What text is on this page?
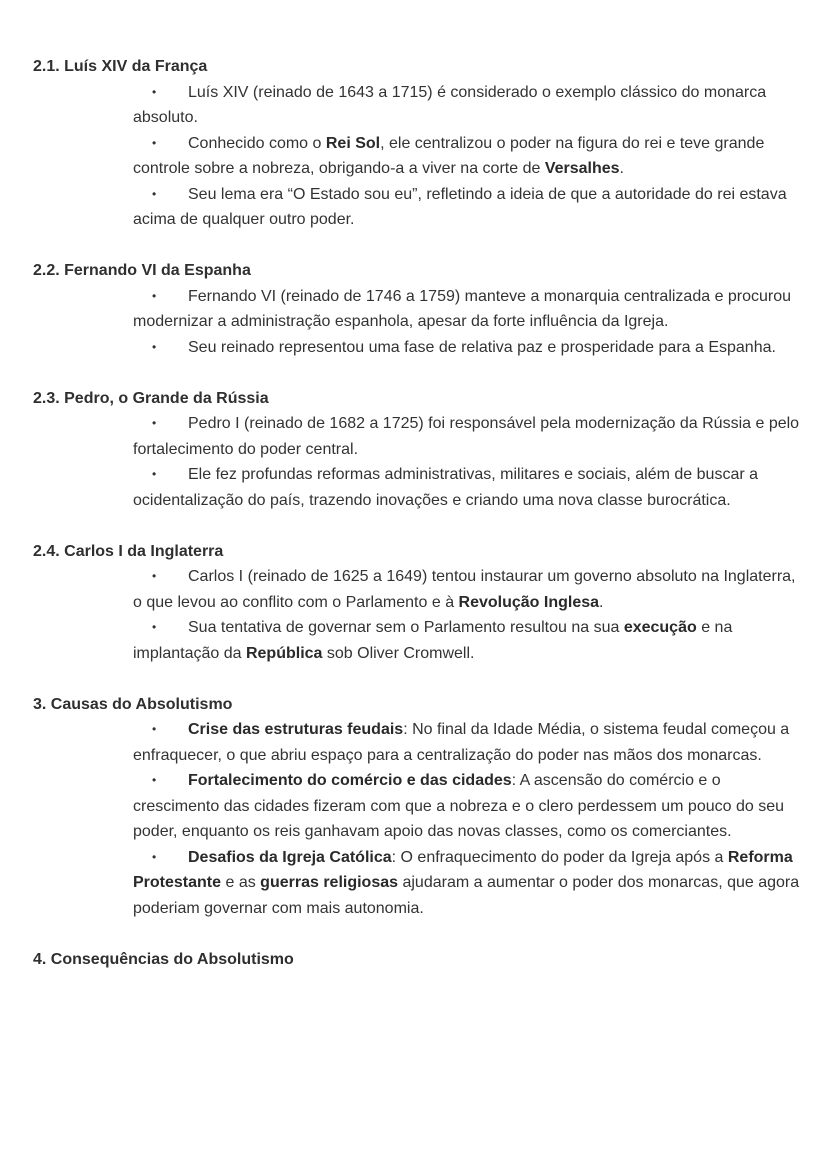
2.1. Luís XIV da França

• Luís XIV (reinado de 1643 a 1715) é considerado o exemplo clássico do monarca absoluto.

• Conhecido como o Rei Sol, ele centralizou o poder na figura do rei e teve grande controle sobre a nobreza, obrigando-a a viver na corte de Versalhes.

• Seu lema era “O Estado sou eu”, refletindo a ideia de que a autoridade do rei estava acima de qualquer outro poder.

2.2. Fernando VI da Espanha

• Fernando VI (reinado de 1746 a 1759) manteve a monarquia centralizada e procurou modernizar a administração espanhola, apesar da forte influência da Igreja.

• Seu reinado representou uma fase de relativa paz e prosperidade para a Espanha.

2.3. Pedro, o Grande da Rússia

• Pedro I (reinado de 1682 a 1725) foi responsável pela modernização da Rússia e pelo fortalecimento do poder central.

• Ele fez profundas reformas administrativas, militares e sociais, além de buscar a ocidentalização do país, trazendo inovações e criando uma nova classe burocrática.

2.4. Carlos I da Inglaterra

• Carlos I (reinado de 1625 a 1649) tentou instaurar um governo absoluto na Inglaterra, o que levou ao conflito com o Parlamento e à Revolução Inglesa.

• Sua tentativa de governar sem o Parlamento resultou na sua execução e na implantação da República sob Oliver Cromwell.

3. Causas do Absolutismo

• Crise das estruturas feudais: No final da Idade Média, o sistema feudal começou a enfraquecer, o que abriu espaço para a centralização do poder nas mãos dos monarcas.

• Fortalecimento do comércio e das cidades: A ascensão do comércio e o crescimento das cidades fizeram com que a nobreza e o clero perdessem um pouco do seu poder, enquanto os reis ganhavam apoio das novas classes, como os comerciantes.

• Desafios da Igreja Católica: O enfraquecimento do poder da Igreja após a Reforma Protestante e as guerras religiosas ajudaram a aumentar o poder dos monarcas, que agora poderiam governar com mais autonomia.

4. Consequências do Absolutismo
